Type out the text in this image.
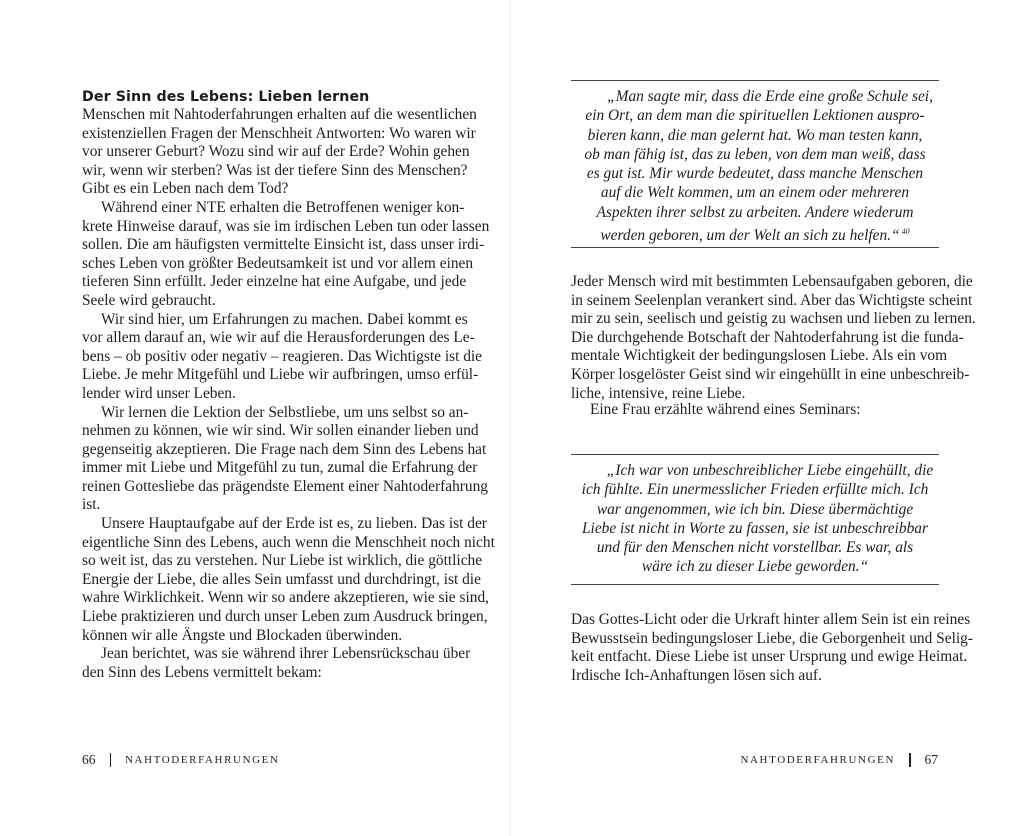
Der Sinn des Lebens: Lieben lernen
Menschen mit Nahtoderfahrungen erhalten auf die wesentlichen
existenziellen Fragen der Menschheit Antworten: Wo waren wir
vor unserer Geburt? Wozu sind wir auf der Erde? Wohin gehen
wir, wenn wir sterben? Was ist der tiefere Sinn des Menschen?
Gibt es ein Leben nach dem Tod?
Während einer NTE erhalten die Betroffenen weniger kon-
krete Hinweise darauf, was sie im irdischen Leben tun oder lassen
sollen. Die am häufigsten vermittelte Einsicht ist, dass unser irdi-
sches Leben von größter Bedeutsamkeit ist und vor allem einen
tieferen Sinn erfüllt. Jeder einzelne hat eine Aufgabe, und jede
Seele wird gebraucht.
Wir sind hier, um Erfahrungen zu machen. Dabei kommt es
vor allem darauf an, wie wir auf die Herausforderungen des Le-
bens – ob positiv oder negativ – reagieren. Das Wichtigste ist die
Liebe. Je mehr Mitgefühl und Liebe wir aufbringen, umso erfül-
lender wird unser Leben.
Wir lernen die Lektion der Selbstliebe, um uns selbst so an-
nehmen zu können, wie wir sind. Wir sollen einander lieben und
gegenseitig akzeptieren. Die Frage nach dem Sinn des Lebens hat
immer mit Liebe und Mitgefühl zu tun, zumal die Erfahrung der
reinen Gottesliebe das prägendste Element einer Nahtoderfahrung
ist.
Unsere Hauptaufgabe auf der Erde ist es, zu lieben. Das ist der
eigentliche Sinn des Lebens, auch wenn die Menschheit noch nicht
so weit ist, das zu verstehen. Nur Liebe ist wirklich, die göttliche
Energie der Liebe, die alles Sein umfasst und durchdringt, ist die
wahre Wirklichkeit. Wenn wir so andere akzeptieren, wie sie sind,
Liebe praktizieren und durch unser Leben zum Ausdruck bringen,
können wir alle Ängste und Blockaden überwinden.
Jean berichtet, was sie während ihrer Lebensrückschau über
den Sinn des Lebens vermittelt bekam:
66	NAHTODERFAHRUNGEN	NAHTODERFAHRUNGEN 67
„Man sagte mir, dass die Erde eine große Schule sei,
ein Ort, an dem man die spirituellen Lektionen auspro-
bieren kann, die man gelernt hat. Wo man testen kann,
ob man fähig ist, das zu leben, von dem man weiß, dass
es gut ist. Mir wurde bedeutet, dass manche Menschen
auf die Welt kommen, um an einem oder mehreren
Aspekten ihrer selbst zu arbeiten. Andere wiederum
werden geboren, um der Welt an sich zu helfen.“ $^{40}$
Jeder Mensch wird mit bestimmten Lebensaufgaben geboren, die
in seinem Seelenplan verankert sind. Aber das Wichtigste scheint
mir zu sein, seelisch und geistig zu wachsen und lieben zu lernen.
Die durchgehende Botschaft der Nahtoderfahrung ist die funda-
mentale Wichtigkeit der bedingungslosen Liebe. Als ein vom
Körper losgelöster Geist sind wir eingehüllt in eine unbeschreib-
liche, intensive, reine Liebe.
Eine Frau erzählte während eines Seminars:
„Ich war von unbeschreiblicher Liebe eingehüllt, die
ich fühlte. Ein unermesslicher Frieden erfüllte mich. Ich
war angenommen, wie ich bin. Diese übermächtige
Liebe ist nicht in Worte zu fassen, sie ist unbeschreibbar
und für den Menschen nicht vorstellbar. Es war, als
wäre ich zu dieser Liebe geworden.“
Das Gottes-Licht oder die Urkraft hinter allem Sein ist ein reines
Bewusstsein bedingungsloser Liebe, die Geborgenheit und Selig-
keit entfacht. Diese Liebe ist unser Ursprung und ewige Heimat.
Irdische Ich-Anhaftungen lösen sich auf.
